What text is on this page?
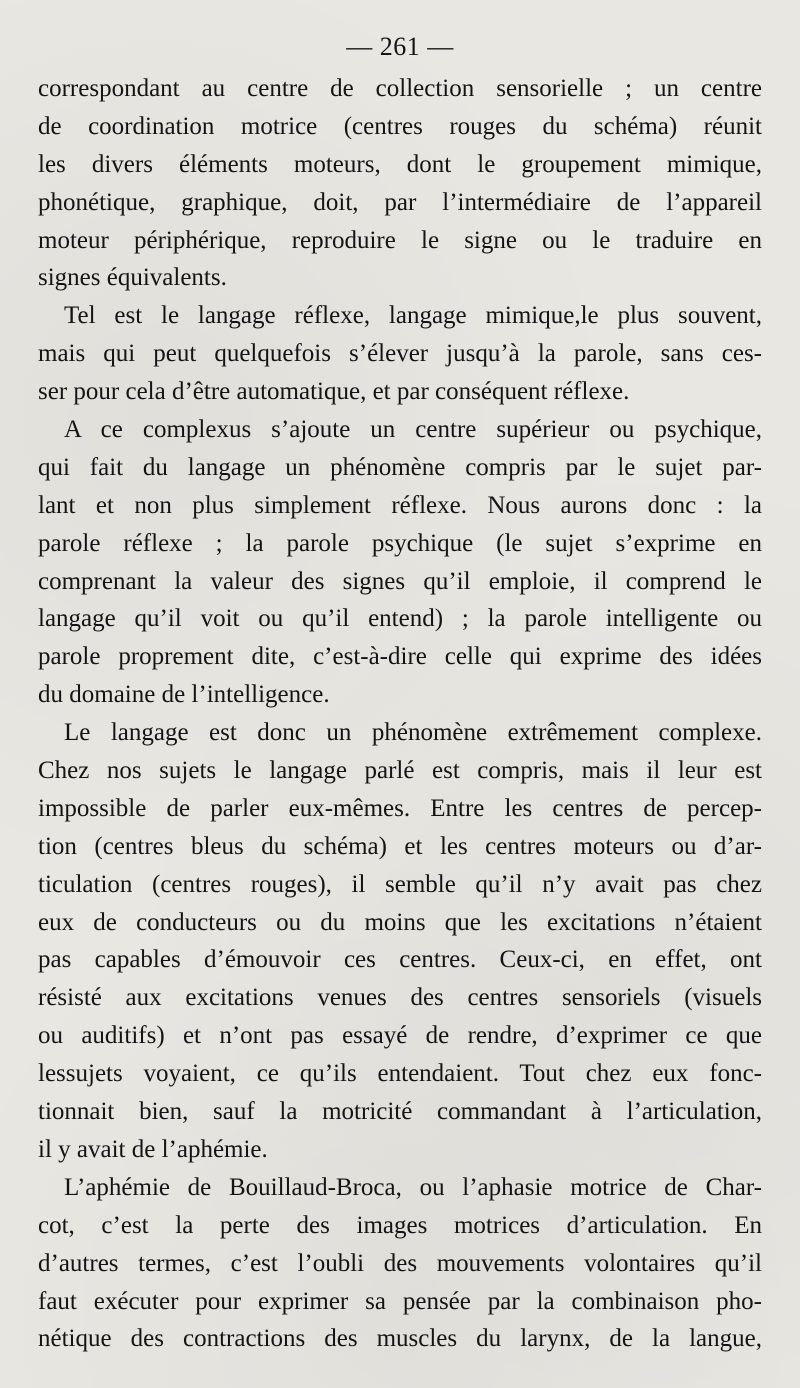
— 261 —
correspondant au centre de collection sensorielle ; un centre
de coordination motrice (centres rouges du schéma) réunit
les divers éléments moteurs, dont le groupement mimique,
phonétique, graphique, doit, par l’intermédiaire de l’appareil
moteur périphérique, reproduire le signe ou le traduire en
signes équivalents.
Tel est le langage réflexe, langage mimique,le plus souvent,
mais qui peut quelquefois s’élever jusqu’à la parole, sans ces-
ser pour cela d’être automatique, et par conséquent réflexe.
A ce complexus s’ajoute un centre supérieur ou psychique,
qui fait du langage un phénomène compris par le sujet par-
lant et non plus simplement réflexe. Nous aurons donc : la
parole réflexe ; la parole psychique (le sujet s’exprime en
comprenant la valeur des signes qu’il emploie, il comprend le
langage qu’il voit ou qu’il entend) ; la parole intelligente ou
parole proprement dite, c’est-à-dire celle qui exprime des idées
du domaine de l’intelligence.
Le langage est donc un phénomène extrêmement complexe.
Chez nos sujets le langage parlé est compris, mais il leur est
impossible de parler eux-mêmes. Entre les centres de percep-
tion (centres bleus du schéma) et les centres moteurs ou d’ar-
ticulation (centres rouges), il semble qu’il n’y avait pas chez
eux de conducteurs ou du moins que les excitations n’étaient
pas capables d’émouvoir ces centres. Ceux-ci, en effet, ont
résisté aux excitations venues des centres sensoriels (visuels
ou auditifs) et n’ont pas essayé de rendre, d’exprimer ce que
lessujets voyaient, ce qu’ils entendaient. Tout chez eux fonc-
tionnait bien, sauf la motricité commandant à l’articulation,
il y avait de l’aphémie.
L’aphémie de Bouillaud-Broca, ou l’aphasie motrice de Char-
cot, c’est la perte des images motrices d’articulation. En
d’autres termes, c’est l’oubli des mouvements volontaires qu’il
faut exécuter pour exprimer sa pensée par la combinaison pho-
nétique des contractions des muscles du larynx, de la langue,
